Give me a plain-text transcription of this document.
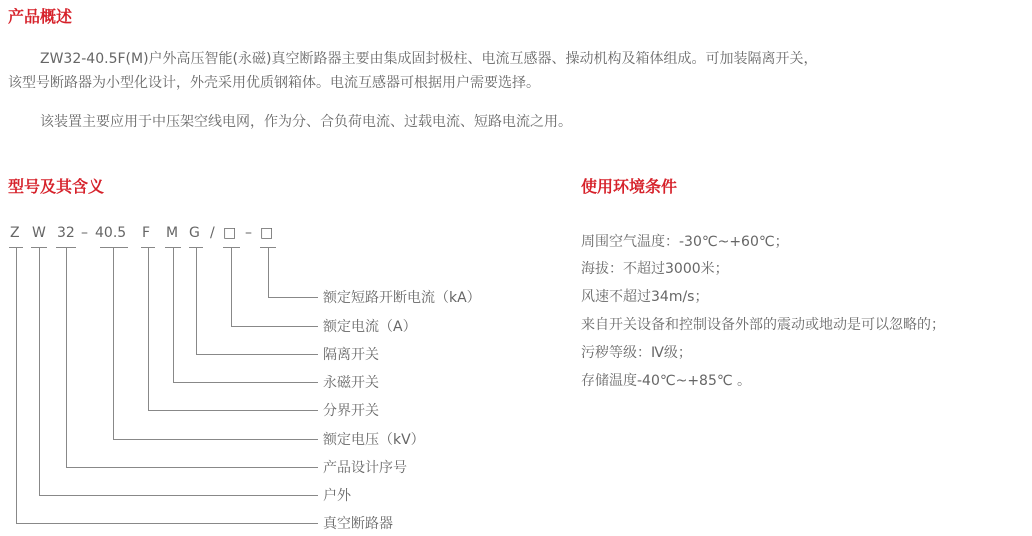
产品概述
ZW32-40.5F(M)户外高压智能(永磁)真空断路器主要由集成固封极柱、电流互感器、操动机构及箱体组成。可加装隔离开关，
该型号断路器为小型化设计，外壳采用优质钢箱体。电流互感器可根据用户需要选择。
该装置主要应用于中压架空线电网，作为分、合负荷电流、过载电流、短路电流之用。
型号及其含义
Z W 32 – 40.5 F M G / □ – □
额定短路开断电流（kA）
额定电流（A）
隔离开关
永磁开关
分界开关
额定电压（kV）
产品设计序号
户外
真空断路器
使用环境条件
周围空气温度：-30℃~+60℃；
海拔：不超过3000米；
风速不超过34m/s；
来自开关设备和控制设备外部的震动或地动是可以忽略的；
污秽等级：Ⅳ级；
存储温度-40℃~+85℃ 。
